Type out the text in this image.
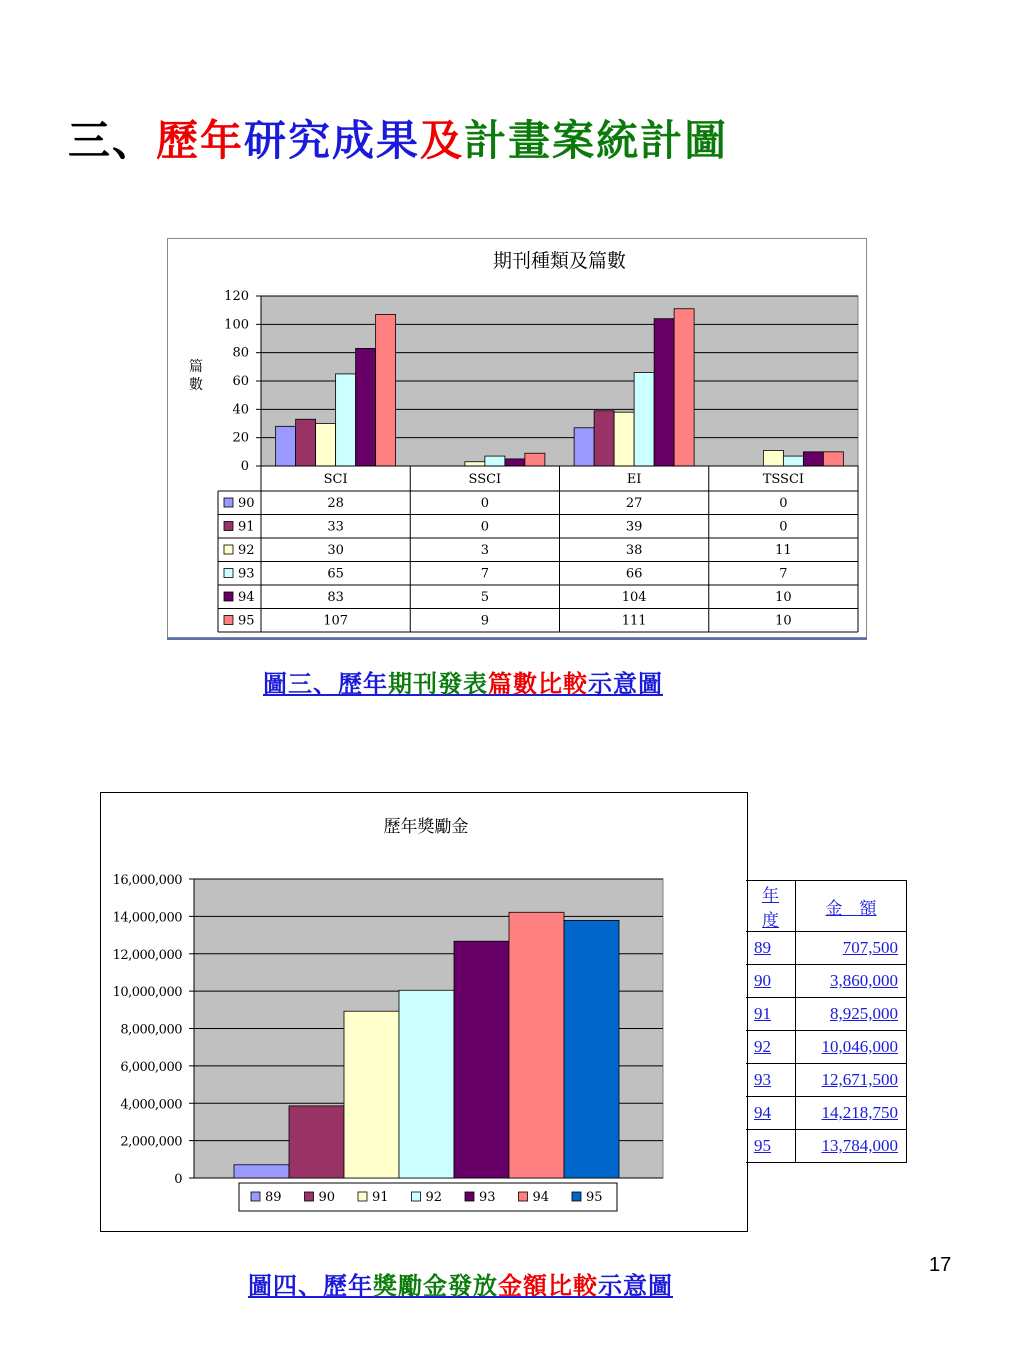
三、歷年研究成果及計畫案統計圖
期刊種類及篇數
篇
數
0
20
40
60
80
100
120
SCI	SSCI	EI	TSSCI
90	28	0	27	0
91	33	0	39	0
92	30	3	38	11
93	65	7	66	7
94	83	5	104	10
95	107	9	111	10
圖三、歷年期刊發表篇數比較示意圖
歷年獎勵金
0
2,000,000
4,000,000
6,000,000
8,000,000
10,000,000
12,000,000
14,000,000
16,000,000
89	90	91	92	93	94	95
年度	金　額
89	707,500
90	3,860,000
91	8,925,000
92	10,046,000
93	12,671,500
94	14,218,750
95	13,784,000
圖四、歷年獎勵金發放金額比較示意圖
17
